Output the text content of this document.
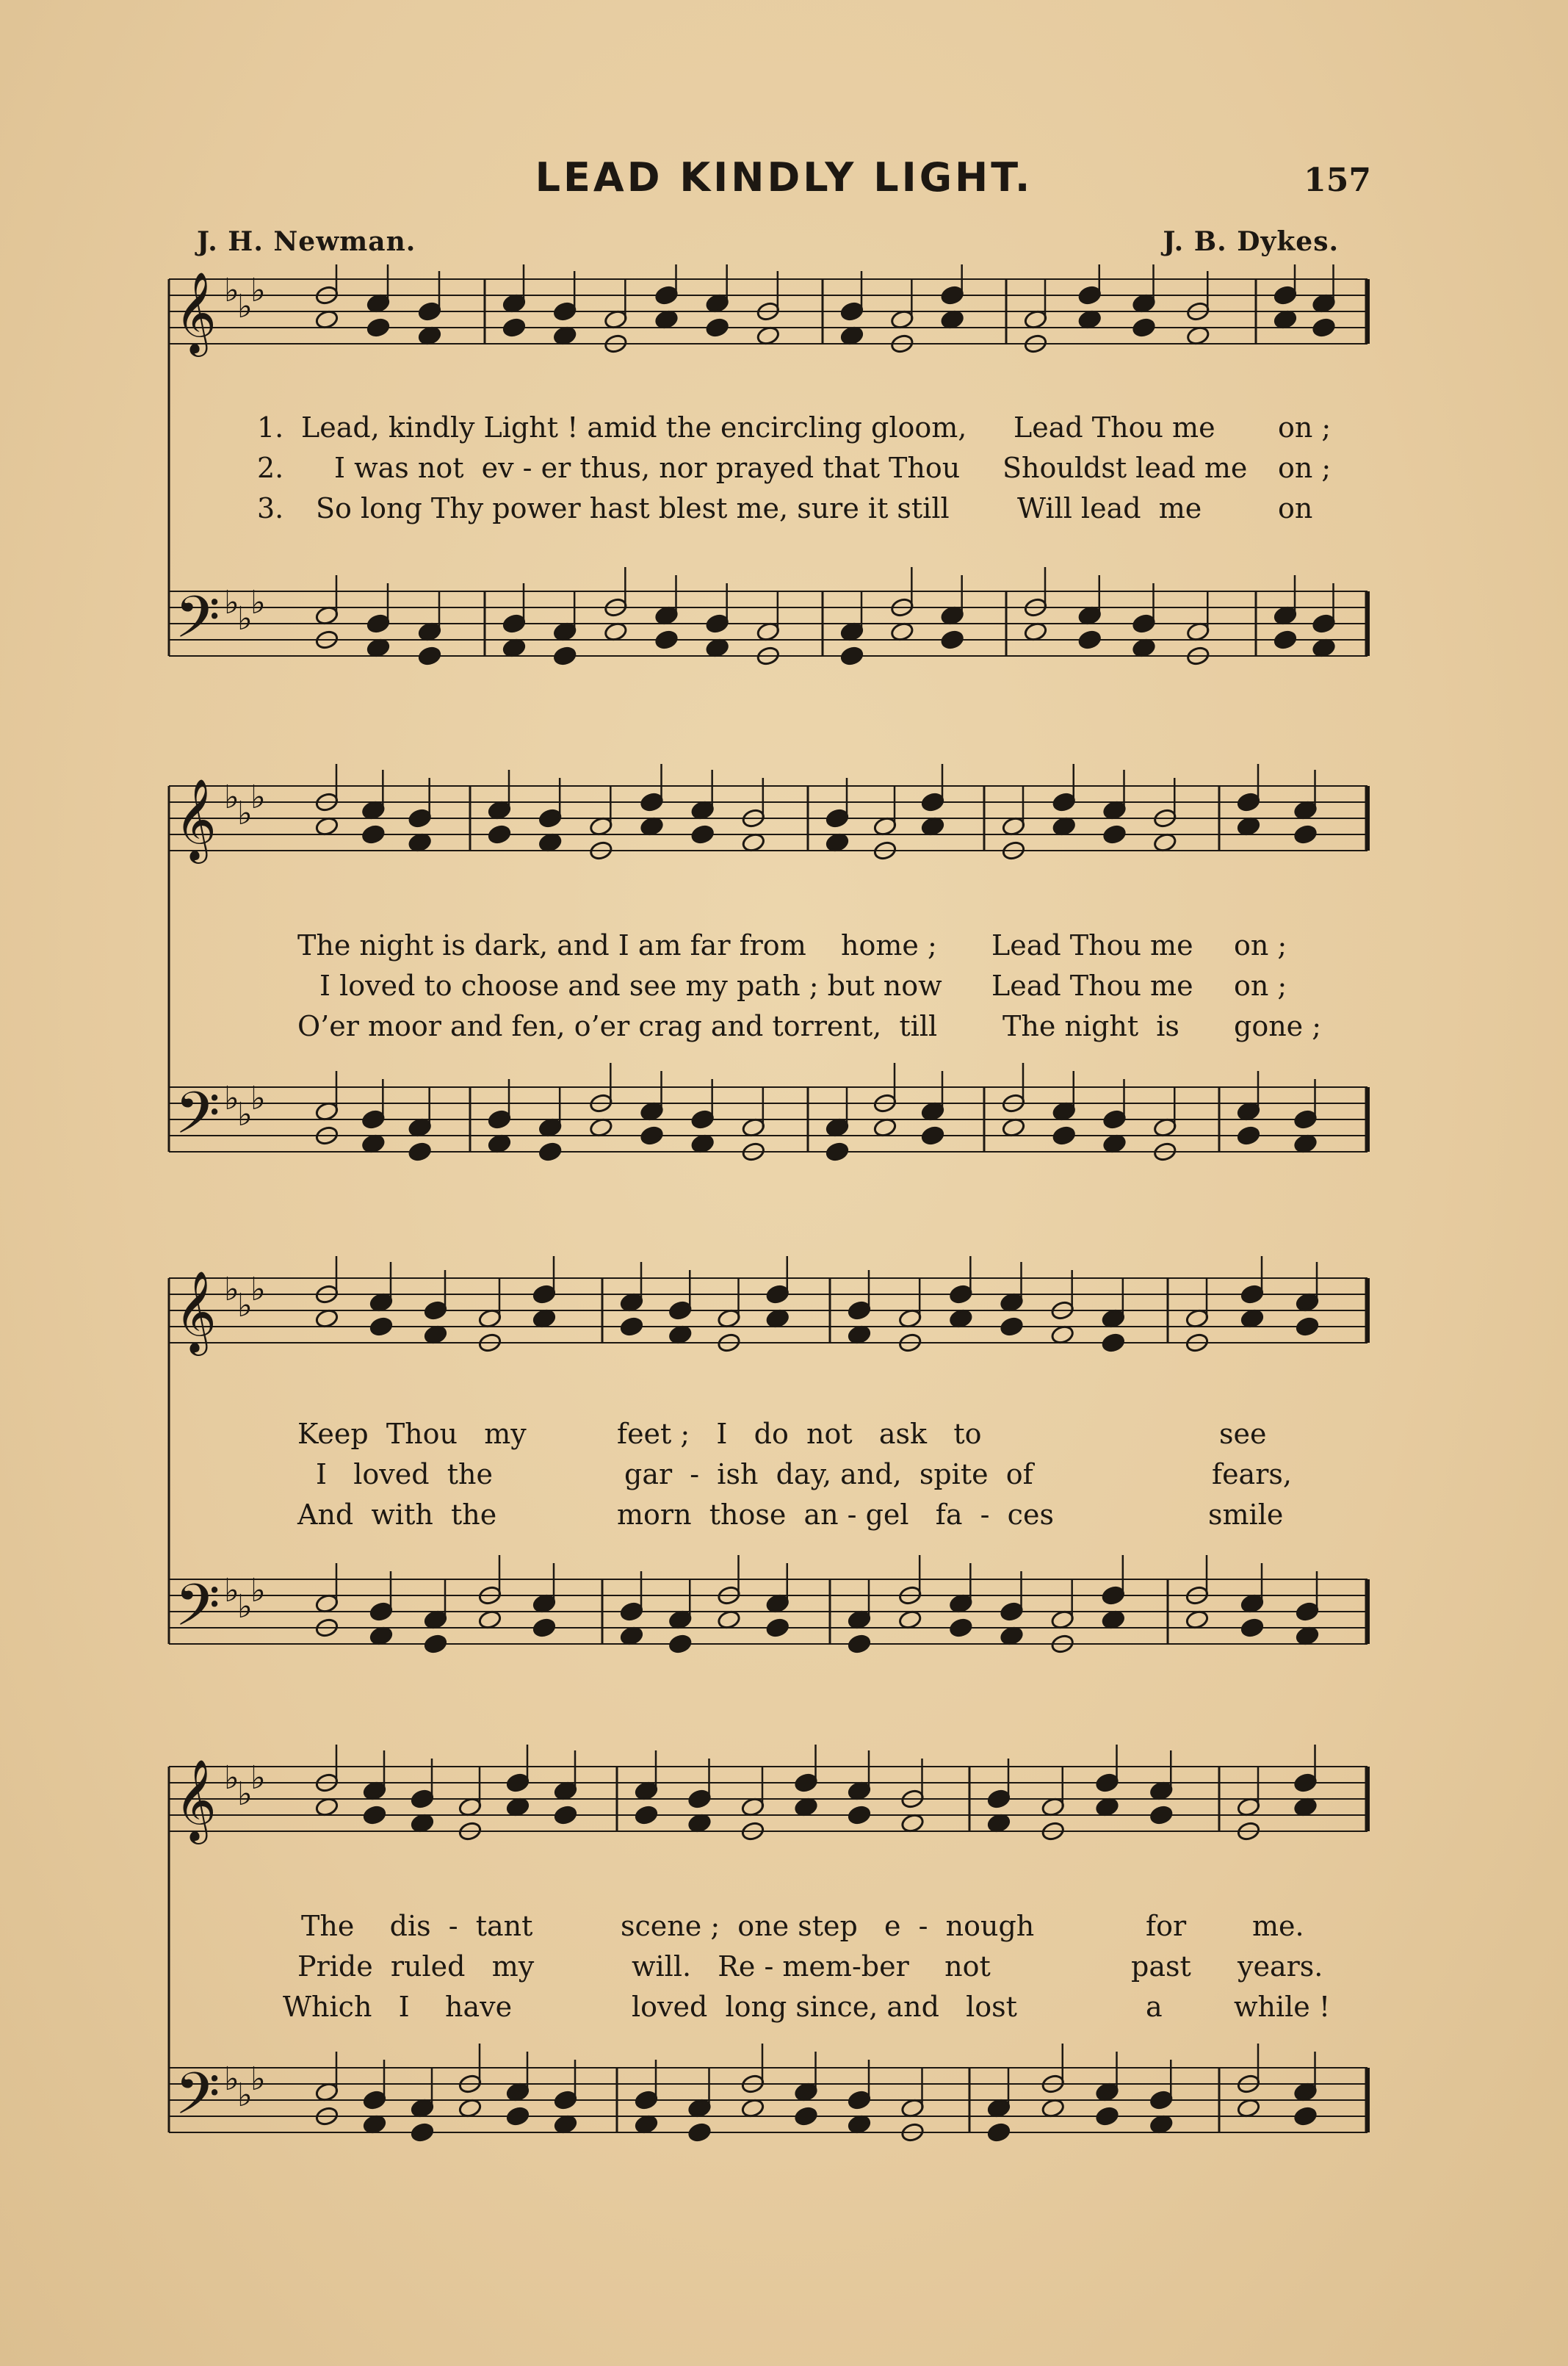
LEAD KINDLY LIGHT.	157
J. H. Newman.	J. B. Dykes.
𝄞 ♭
♭
♭
𝄢 ♭
♭
♭
1. Lead, kindly Light ! amid the encircling gloom, Lead Thou me on ;
2. I was not  ev - er thus, nor prayed that Thou Shouldst lead me on ;
3. So long Thy power hast blest me, sure it still Will lead  me	on
𝄞 ♭
♭
♭
𝄢 ♭
♭
♭
The night is dark, and I am far from home ; Lead Thou me on ;
I loved to choose and see my path ; but now Lead Thou me on ;
O’er moor and fen, o’er crag and torrent,  till The night  is gone ;
𝄞 ♭
♭
♭
𝄢 ♭
♭
♭
Keep  Thou   my	feet ;   I   do  not   ask   to	see
I   loved  the	gar  -  ish  day, and,  spite  of	fears,
And  with  the	morn  those  an - gel   fa  -  ces	smile
𝄞 ♭
♭
♭
𝄢 ♭
♭
♭
The    dis  -  tant	scene ;  one step   e  -  nough	for me.
Pride  ruled   my	will.   Re - mem-ber    not	past years.
Which   I    have	loved  long since, and   lost	a	while !
